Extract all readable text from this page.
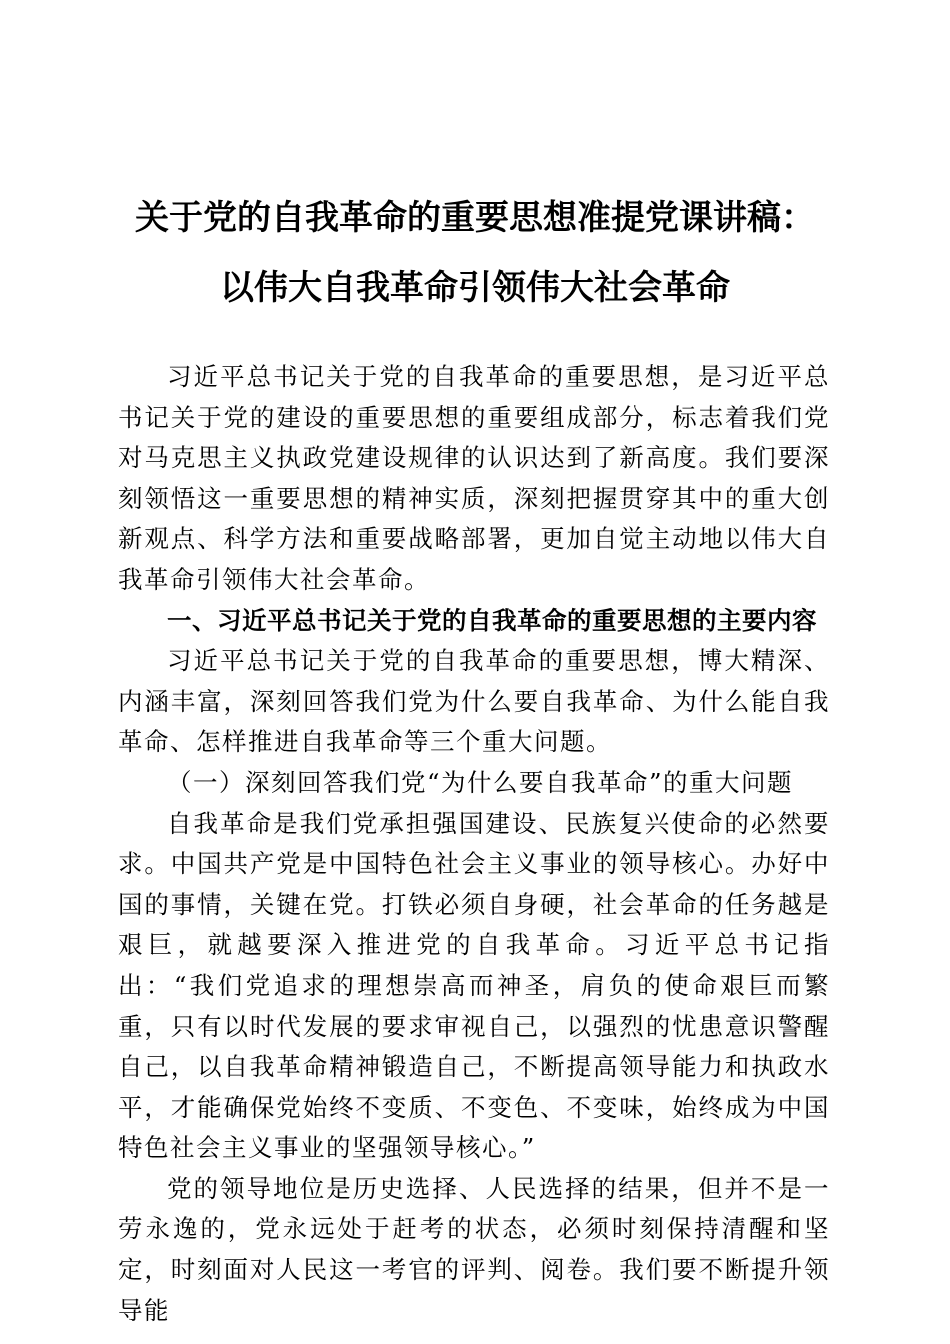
关于党的自我革命的重要思想准提党课讲稿：
以伟大自我革命引领伟大社会革命

习近平总书记关于党的自我革命的重要思想，是习近平总书记关于党的建设的重要思想的重要组成部分，标志着我们党对马克思主义执政党建设规律的认识达到了新高度。我们要深刻领悟这一重要思想的精神实质，深刻把握贯穿其中的重大创新观点、科学方法和重要战略部署，更加自觉主动地以伟大自我革命引领伟大社会革命。

一、习近平总书记关于党的自我革命的重要思想的主要内容

习近平总书记关于党的自我革命的重要思想，博大精深、内涵丰富，深刻回答我们党为什么要自我革命、为什么能自我革命、怎样推进自我革命等三个重大问题。

（一）深刻回答我们党“为什么要自我革命”的重大问题

自我革命是我们党承担强国建设、民族复兴使命的必然要求。中国共产党是中国特色社会主义事业的领导核心。办好中国的事情，关键在党。打铁必须自身硬，社会革命的任务越是艰巨，就越要深入推进党的自我革命。习近平总书记指出：“我们党追求的理想崇高而神圣，肩负的使命艰巨而繁重，只有以时代发展的要求审视自己，以强烈的忧患意识警醒自己，以自我革命精神锻造自己，不断提高领导能力和执政水平，才能确保党始终不变质、不变色、不变味，始终成为中国特色社会主义事业的坚强领导核心。”

党的领导地位是历史选择、人民选择的结果，但并不是一劳永逸的，党永远处于赶考的状态，必须时刻保持清醒和坚定，时刻面对人民这一考官的评判、阅卷。我们要不断提升领导能
